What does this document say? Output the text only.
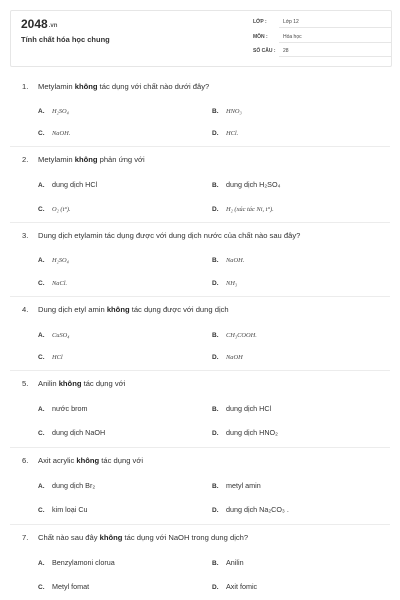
2048.vn
Tính chất hóa học chung
LỚP :	Lớp 12
MÔN :	Hóa học
SỐ CÂU : 28
1. Metylamin không tác dụng với chất nào dưới đây?
A. H₂SO₄	B. HNO₃
C. NaOH.	D. HCl.
2. Metylamin không phản ứng với
A. dung dịch HCl	B. dung dịch H₂SO₄
C. O₂ (t°).	D. H₂ (xúc tác Ni, t°).
3. Dung dịch etylamin tác dụng được với dung dịch nước của chất nào sau đây?
A. H₂SO₄	B. NaOH.
C. NaCl.	D. NH₃
4. Dung dịch etyl amin không tác dụng được với dung dịch
A. CuSO₄	B. CH₃COOH.
C. HCl	D. NaOH
5. Anilin không tác dụng với
A. nước brom	B. dung dịch HCl
C. dung dịch NaOH	D. dung dịch HNO₂
6. Axit acrylic không tác dụng với
A. dung dịch Br₂	B. metyl amin
C. kim loại Cu	D. dung dịch Na₂CO₃ .
7. Chất nào sau đây không tác dụng với NaOH trong dung dịch?
A. Benzylamoni clorua	B. Anilin
C. Metyl fomat	D. Axit fomic
